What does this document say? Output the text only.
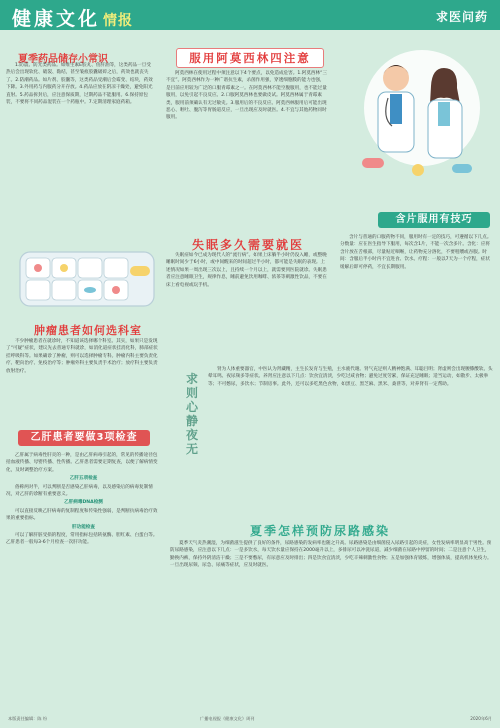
健康文化 情报	求医问药
夏季药品储存小常识

1.防震、防光类药品。如维生素E胶丸、鱼肝油等，这类药品一旦受热后会出现软化、破裂、黏结，甚至皱痕胶囊破碎之后，药效也就丧失了。2.防潮药品。如片剂、胶囊等，这类药品受潮后会霉变、结块，药效下降。3.外用药与内服药分开存放。4.药品应放在阴凉干燥处，避免阳光直射。5.药品拆封后，应注意保质期，过期药品不能服用。6.保持原包装，不要将不同药品混装在一个药瓶中。7.定期清理家庭药箱。

服用阿莫西林四注意

阿莫西林在使用过程中须注意以下4个要点，以免造成危害。1.阿莫西林“三不宜”。阿莫西林作为一种广谱抗生素，杀菌作用强，穿透细胞膜的能力也强，是目前应用较为广泛的口服青霉素之一。在阿莫西林不能空腹服用，也不能过量服用，以免引起不良反应。2.口服阿莫西林也要做皮试。阿莫西林属于青霉素类，服用前须确认有无过敏史。3.服用后的不良反应。阿莫西林服用后可能出现恶心、呕吐、腹泻等胃肠道反应，一旦出现应及时就医。4.不宜与其他药物同时服用。

失眠多久需要就医

失眠症如今已成为现代人的“流行病”。如果上床躺半小时仍没入睡，或整晚睡眠时间少于6小时，或中间醒来的时间超过半小时，都可能是失眠的表现。上述情况如果一周出现三次以上，且持续一个月以上，就需要到医院就诊。失眠患者应注意睡眠卫生，规律作息，睡前避免饮用咖啡、浓茶等刺激性饮品，不要在床上看电视或玩手机。

含片服用有技巧

含片与普通的口服药物不同，服用时有一定的技巧，可遵循以下几点。分数量：应在医生指导下服用，每次含1片，不能一次含多片。含化：应将含片放在舌根部，尽量贴近咽喉，让药物充分溶化，不要咀嚼或吞服。时间：含服后半小时内不宜进食、饮水。疗程：一般以7天为一个疗程，症状缓解后即可停药，不宜长期服用。

肿瘤患者如何选科室

不少肿瘤患者在就诊时，不知道该选择哪个科室。其实，如果只是发现了“可疑”症状，建议先去普通专科就诊，如消化道症状挂消化科，肺部症状挂呼吸科等。如果确诊了肿瘤，则可以选择肿瘤专科。肿瘤内科主要负责化疗、靶向治疗、免疫治疗等；肿瘤外科主要负责手术治疗；放疗科主要负责放射治疗。

求则心静夜无

肾为人体重要器官，中医认为肾藏精，主生长发育与生殖，主水液代谢。肾气充足则人精神饱满、耳聪目明；肾虚则会出现腰膝酸软、头晕耳鸣、夜尿频多等症状。养肾应注意以下几点：饮食宜清淡，少吃过咸食物；避免过度劳累，保证充足睡眠；适当运动，如散步、太极拳等；不可憋尿，多饮水；节制房事。此外，还可以多吃黑色食物，如黑豆、黑芝麻、黑米、桑葚等，对养肾有一定帮助。

乙肝患者要做3项检查

乙肝属于病毒性肝炎的一种，是由乙肝病毒引起的，常见的传播途径包括血液传播、母婴传播、性传播。乙肝患者需要定期复查，以便了解病情变化，及时调整治疗方案。

乙肝五项检查

俗称两对半，可以判断是否感染乙肝病毒，以及感染后的病毒复制情况，对乙肝的诊断有重要意义。

乙肝病毒DNA检测

可以直接反映乙肝病毒的复制程度和传染性强弱，是判断抗病毒治疗效果的重要指标。

肝功能检查

可以了解肝脏受损的程度，常用指标包括转氨酶、胆红素、白蛋白等。乙肝患者一般每3-6个月检查一次肝功能。

夏季怎样预防尿路感染

夏季天气炎热潮湿，为细菌滋生提供了良好的条件，尿路感染的发病率也随之升高。尿路感染是由细菌侵入尿路引起的炎症，女性发病率明显高于男性。预防尿路感染，应注意以下几点：一是多饮水，每天饮水量应保持在2000毫升以上，多排尿可以冲洗尿道，减少细菌在尿路中停留的时间；二是注意个人卫生，勤换内裤，保持外阴清洁干燥；三是不要憋尿，有尿意应及时排出；四是饮食宜清淡，少吃辛辣刺激性食物；五是加强体育锻炼，增强体质，提高机体免疫力。一旦出现尿频、尿急、尿痛等症状，应及时就医。

本版责任编辑：陈 纷	广播电视报《健康文化》周刊	2020年6月
